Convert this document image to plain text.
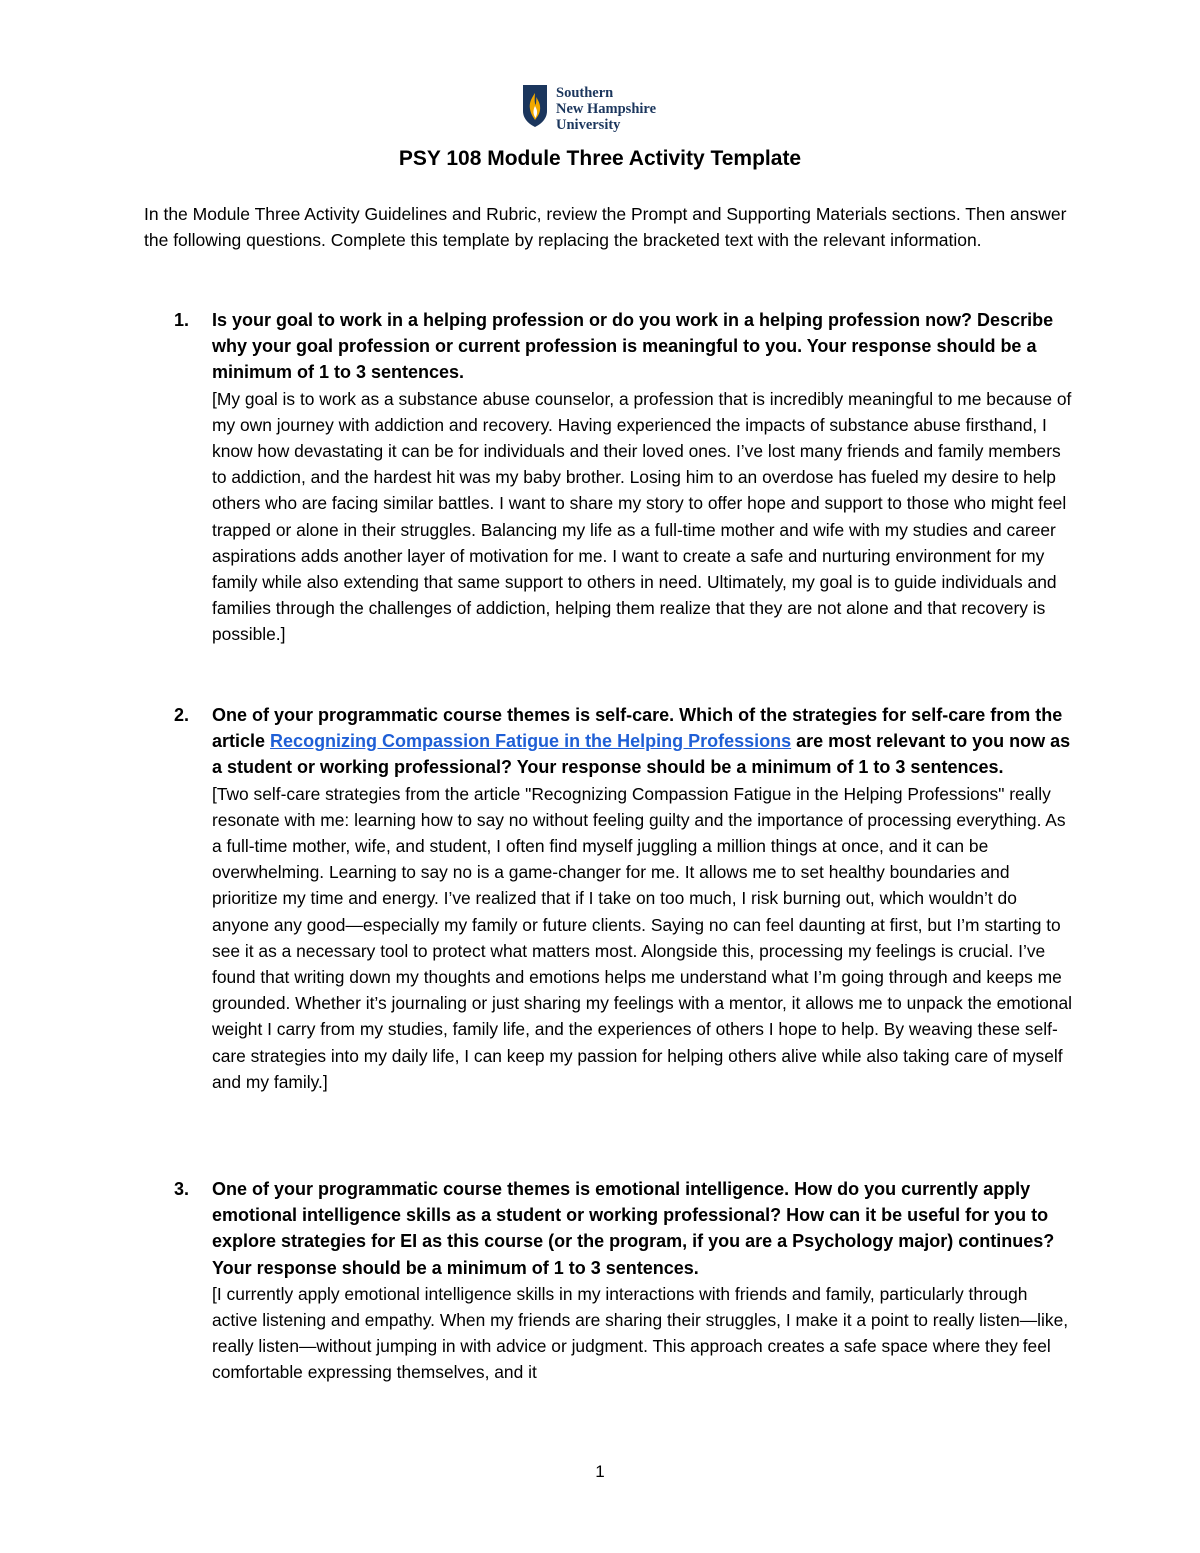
Southern
New Hampshire
University
PSY 108 Module Three Activity Template
In the Module Three Activity Guidelines and Rubric, review the Prompt and Supporting Materials sections. Then answer the following questions. Complete this template by replacing the bracketed text with the relevant information.
1. Is your goal to work in a helping profession or do you work in a helping profession now? Describe why your goal profession or current profession is meaningful to you. Your response should be a minimum of 1 to 3 sentences.
[My goal is to work as a substance abuse counselor, a profession that is incredibly meaningful to me because of my own journey with addiction and recovery. Having experienced the impacts of substance abuse firsthand, I know how devastating it can be for individuals and their loved ones. I’ve lost many friends and family members to addiction, and the hardest hit was my baby brother. Losing him to an overdose has fueled my desire to help others who are facing similar battles. I want to share my story to offer hope and support to those who might feel trapped or alone in their struggles. Balancing my life as a full-time mother and wife with my studies and career aspirations adds another layer of motivation for me. I want to create a safe and nurturing environment for my family while also extending that same support to others in need. Ultimately, my goal is to guide individuals and families through the challenges of addiction, helping them realize that they are not alone and that recovery is possible.]
2. One of your programmatic course themes is self-care. Which of the strategies for self-care from the article Recognizing Compassion Fatigue in the Helping Professions are most relevant to you now as a student or working professional? Your response should be a minimum of 1 to 3 sentences.
[Two self-care strategies from the article "Recognizing Compassion Fatigue in the Helping Professions" really resonate with me: learning how to say no without feeling guilty and the importance of processing everything. As a full-time mother, wife, and student, I often find myself juggling a million things at once, and it can be overwhelming. Learning to say no is a game-changer for me. It allows me to set healthy boundaries and prioritize my time and energy. I’ve realized that if I take on too much, I risk burning out, which wouldn’t do anyone any good—especially my family or future clients. Saying no can feel daunting at first, but I’m starting to see it as a necessary tool to protect what matters most. Alongside this, processing my feelings is crucial. I’ve found that writing down my thoughts and emotions helps me understand what I’m going through and keeps me grounded. Whether it’s journaling or just sharing my feelings with a mentor, it allows me to unpack the emotional weight I carry from my studies, family life, and the experiences of others I hope to help. By weaving these self-care strategies into my daily life, I can keep my passion for helping others alive while also taking care of myself and my family.]
3. One of your programmatic course themes is emotional intelligence. How do you currently apply emotional intelligence skills as a student or working professional? How can it be useful for you to explore strategies for EI as this course (or the program, if you are a Psychology major) continues? Your response should be a minimum of 1 to 3 sentences.
[I currently apply emotional intelligence skills in my interactions with friends and family, particularly through active listening and empathy. When my friends are sharing their struggles, I make it a point to really listen—like, really listen—without jumping in with advice or judgment. This approach creates a safe space where they feel comfortable expressing themselves, and it
1
